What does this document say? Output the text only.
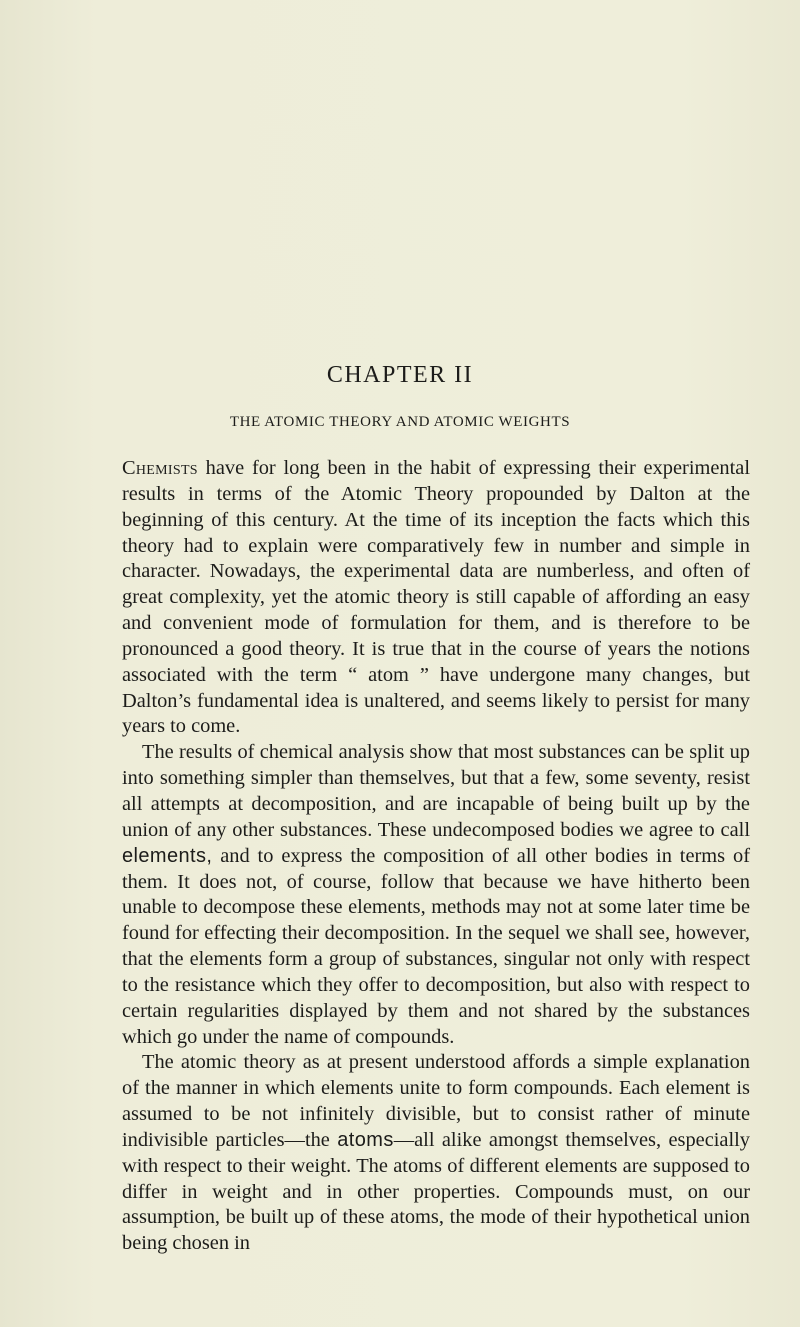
CHAPTER II
THE ATOMIC THEORY AND ATOMIC WEIGHTS

Chemists have for long been in the habit of expressing their experimental results in terms of the Atomic Theory propounded by Dalton at the beginning of this century. At the time of its inception the facts which this theory had to explain were comparatively few in number and simple in character. Nowadays, the experimental data are numberless, and often of great complexity, yet the atomic theory is still capable of affording an easy and convenient mode of formulation for them, and is therefore to be pronounced a good theory. It is true that in the course of years the notions associated with the term “ atom ” have undergone many changes, but Dalton’s fundamental idea is unaltered, and seems likely to persist for many years to come.

The results of chemical analysis show that most substances can be split up into something simpler than themselves, but that a few, some seventy, resist all attempts at decomposition, and are incapable of being built up by the union of any other substances. These undecomposed bodies we agree to call elements, and to express the composition of all other bodies in terms of them. It does not, of course, follow that because we have hitherto been unable to decompose these elements, methods may not at some later time be found for effecting their decomposition. In the sequel we shall see, however, that the elements form a group of substances, singular not only with respect to the resistance which they offer to decomposition, but also with respect to certain regularities displayed by them and not shared by the substances which go under the name of compounds.

The atomic theory as at present understood affords a simple explanation of the manner in which elements unite to form compounds. Each element is assumed to be not infinitely divisible, but to consist rather of minute indivisible particles—the atoms—all alike amongst themselves, especially with respect to their weight. The atoms of different elements are supposed to differ in weight and in other properties. Compounds must, on our assumption, be built up of these atoms, the mode of their hypothetical union being chosen in
